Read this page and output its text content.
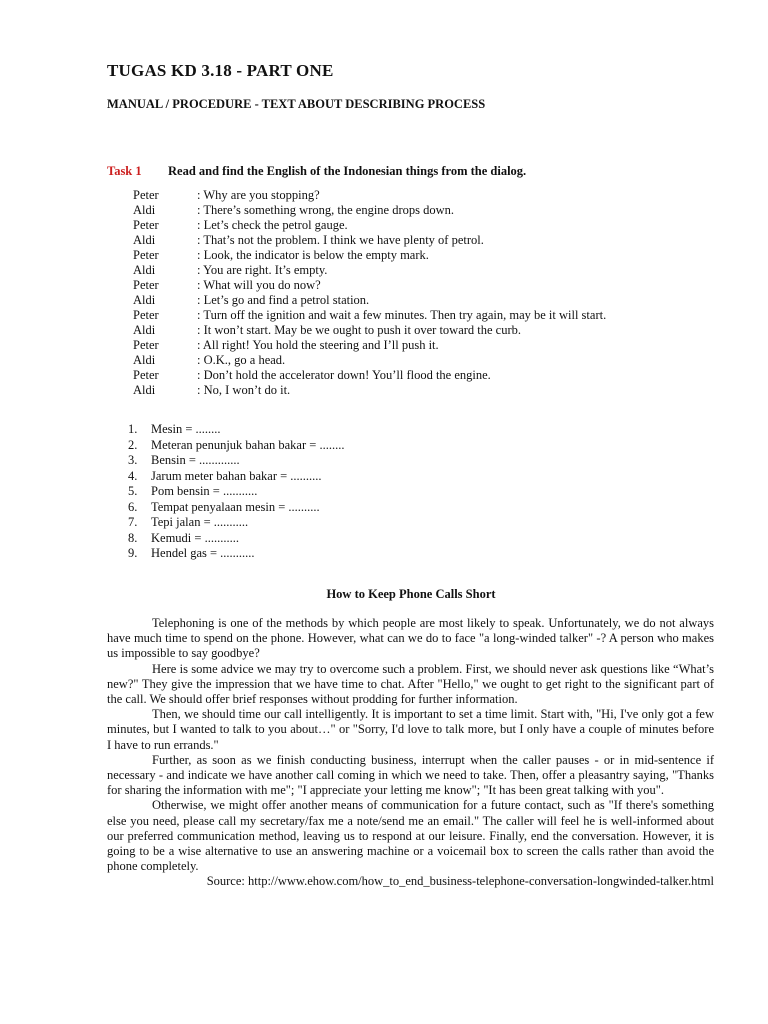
TUGAS KD 3.18 - PART ONE
MANUAL / PROCEDURE - TEXT ABOUT DESCRIBING PROCESS
Task 1 Read and find the English of the Indonesian things from the dialog.
Peter	: Why are you stopping?
Aldi	: There’s something wrong, the engine drops down.
Peter	: Let’s check the petrol gauge.
Aldi	: That’s not the problem. I think we have plenty of petrol.
Peter	: Look, the indicator is below the empty mark.
Aldi	: You are right. It’s empty.
Peter	: What will you do now?
Aldi	: Let’s go and find a petrol station.
Peter	: Turn off the ignition and wait a few minutes. Then try again, may be it will start.
Aldi	: It won’t start. May be we ought to push it over toward the curb.
Peter	: All right! You hold the steering and I’ll push it.
Aldi	: O.K., go a head.
Peter	: Don’t hold the accelerator down! You’ll flood the engine.
Aldi	: No, I won’t do it.
1.	Mesin = ........
2.	Meteran penunjuk bahan bakar = ........
3.	Bensin = .............
4.	Jarum meter bahan bakar = ..........
5.	Pom bensin = ...........
6.	Tempat penyalaan mesin = ..........
7.	Tepi jalan = ...........
8.	Kemudi = ...........
9.	Hendel gas = ...........
How to Keep Phone Calls Short

Telephoning is one of the methods by which people are most likely to speak. Unfortunately, we do not always have much time to spend on the phone. However, what can we do to face "a long-winded talker" -? A person who makes us impossible to say goodbye?

Here is some advice we may try to overcome such a problem. First, we should never ask questions like “What’s new?" They give the impression that we have time to chat. After "Hello," we ought to get right to the significant part of the call. We should offer brief responses without prodding for further information.

Then, we should time our call intelligently. It is important to set a time limit. Start with, "Hi, I've only got a few minutes, but I wanted to talk to you about…" or "Sorry, I'd love to talk more, but I only have a couple of minutes before I have to run errands."

Further, as soon as we finish conducting business, interrupt when the caller pauses - or in mid-sentence if necessary - and indicate we have another call coming in which we need to take. Then, offer a pleasantry saying, "Thanks for sharing the information with me"; "I appreciate your letting me know"; "It has been great talking with you".

Otherwise, we might offer another means of communication for a future contact, such as "If there's something else you need, please call my secretary/fax me a note/send me an email." The caller will feel he is well-informed about our preferred communication method, leaving us to respond at our leisure. Finally, end the conversation. However, it is going to be a wise alternative to use an answering machine or a voicemail box to screen the calls rather than avoid the phone completely.

Source: http://www.ehow.com/how_to_end_business-telephone-conversation-longwinded-talker.html
